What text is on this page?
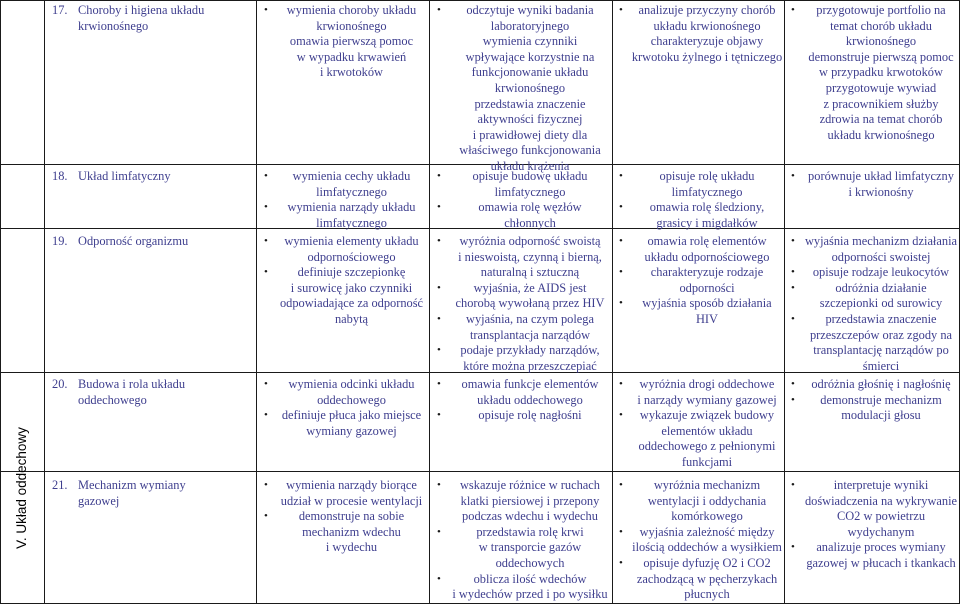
V. Układ oddechowy
17. Choroby i higiena układu
krwionośnego
• wymienia choroby układu
krwionośnego
omawia pierwszą pomoc
w wypadku krwawień
i krwotoków
• odczytuje wyniki badania
laboratoryjnego
wymienia czynniki
wpływające korzystnie na
funkcjonowanie układu
krwionośnego
przedstawia znaczenie
aktywności fizycznej
i prawidłowej diety dla
właściwego funkcjonowania
układu krążenia
• analizuje przyczyny chorób
układu krwionośnego
charakteryzuje objawy
krwotoku żylnego i tętniczego
• przygotowuje portfolio na
temat chorób układu
krwionośnego
demonstruje pierwszą pomoc
w przypadku krwotoków
przygotowuje wywiad
z pracownikiem służby
zdrowia na temat chorób
układu krwionośnego
18. Układ limfatyczny	• wymienia cechy układu
limfatycznego
• wymienia narządy układu
limfatycznego
• opisuje budowę układu
limfatycznego
• omawia rolę węzłów
chłonnych
• opisuje rolę układu
limfatycznego
• omawia rolę śledziony,
grasicy i migdałków
• porównuje układ limfatyczny
i krwionośny
19. Odporność organizmu	• wymienia elementy układu
odpornościowego
• definiuje szczepionkę
i surowicę jako czynniki
odpowiadające za odporność
nabytą
• wyróżnia odporność swoistą
i nieswoistą, czynną i bierną,
naturalną i sztuczną
• wyjaśnia, że AIDS jest
chorobą wywołaną przez HIV
• wyjaśnia, na czym polega
transplantacja narządów
• podaje przykłady narządów,
które można przeszczepiać
• omawia rolę elementów
układu odpornościowego
• charakteryzuje rodzaje
odporności
• wyjaśnia sposób działania
HIV
• wyjaśnia mechanizm działania
odporności swoistej
• opisuje rodzaje leukocytów
• odróżnia działanie
szczepionki od surowicy
• przedstawia znaczenie
przeszczepów oraz zgody na
transplantację narządów po
śmierci
20. Budowa i rola układu
oddechowego
• wymienia odcinki układu
oddechowego
• definiuje płuca jako miejsce
wymiany gazowej
• omawia funkcje elementów
układu oddechowego
• opisuje rolę nagłośni
• wyróżnia drogi oddechowe
i narządy wymiany gazowej
• wykazuje związek budowy
elementów układu
oddechowego z pełnionymi
funkcjami
• odróżnia głośnię i nagłośnię
• demonstruje mechanizm
modulacji głosu
21. Mechanizm wymiany
gazowej
• wymienia narządy biorące
udział w procesie wentylacji
• demonstruje na sobie
mechanizm wdechu
i wydechu
• wskazuje różnice w ruchach
klatki piersiowej i przepony
podczas wdechu i wydechu
• przedstawia rolę krwi
w transporcie gazów
oddechowych
• oblicza ilość wdechów
i wydechów przed i po wysiłku
• wyróżnia mechanizm
wentylacji i oddychania
komórkowego
• wyjaśnia zależność między
ilością oddechów a wysiłkiem
• opisuje dyfuzję O2 i CO2
zachodzącą w pęcherzykach
płucnych
• interpretuje wyniki
doświadczenia na wykrywanie
CO2 w powietrzu
wydychanym
• analizuje proces wymiany
gazowej w płucach i tkankach
